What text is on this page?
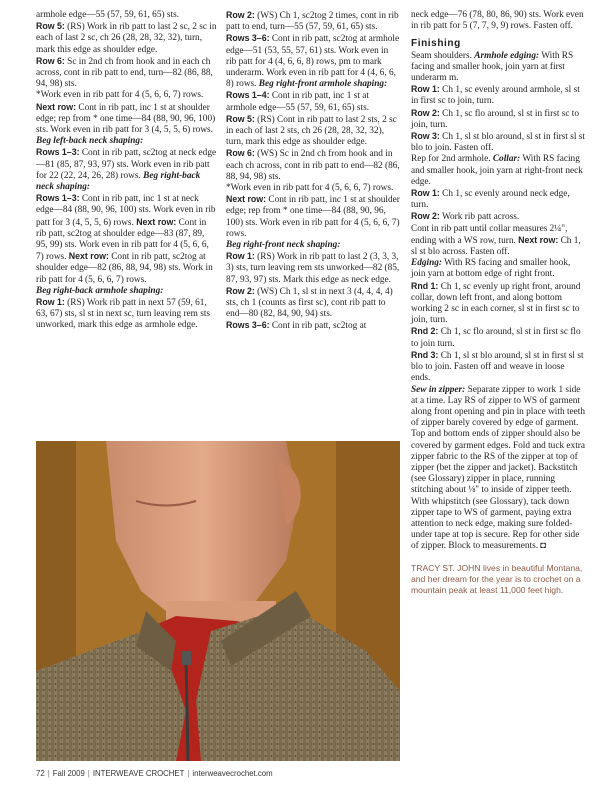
armhole edge—55 (57, 59, 61, 65) sts.

Row 5: (RS) Work in rib patt to last 2 sc, 2 sc in each of last 2 sc, ch 26 (28, 28, 32, 32), turn, mark this edge as shoulder edge.

Row 6: Sc in 2nd ch from hook and in each ch across, cont in rib patt to end, turn—82 (86, 88, 94, 98) sts.

*Work even in rib patt for 4 (5, 6, 6, 7) rows. Next row: Cont in rib patt, inc 1 st at shoulder edge; rep from * one time—84 (88, 90, 96, 100) sts. Work even in rib patt for 3 (4, 5, 5, 6) rows.

Beg left-back neck shaping:

Rows 1–3: Cont in rib patt, sc2tog at neck edge—81 (85, 87, 93, 97) sts. Work even in rib patt for 22 (22, 24, 26, 28) rows. Beg right-back neck shaping:

Rows 1–3: Cont in rib patt, inc 1 st at neck edge—84 (88, 90, 96, 100) sts. Work even in rib patt for 3 (4, 5, 5, 6) rows. Next row: Cont in rib patt, sc2tog at shoulder edge—83 (87, 89, 95, 99) sts. Work even in rib patt for 4 (5, 6, 6, 7) rows. Next row: Cont in rib patt, sc2tog at shoulder edge—82 (86, 88, 94, 98) sts. Work in rib patt for 4 (5, 6, 6, 7) rows.

Beg right-back armhole shaping:

Row 1: (RS) Work rib patt in next 57 (59, 61, 63, 67) sts, sl st in next sc, turn leaving rem sts unworked, mark this edge as armhole edge.

Row 2: (WS) Ch 1, sc2tog 2 times, cont in rib patt to end, turn—55 (57, 59, 61, 65) sts.

Rows 3–6: Cont in rib patt, sc2tog at armhole edge—51 (53, 55, 57, 61) sts. Work even in rib patt for 4 (4, 6, 6, 8) rows, pm to mark underarm. Work even in rib patt for 4 (4, 6, 6, 8) rows. Beg right-front armhole shaping:

Rows 1–4: Cont in rib patt, inc 1 st at armhole edge—55 (57, 59, 61, 65) sts.

Row 5: (RS) Cont in rib patt to last 2 sts, 2 sc in each of last 2 sts, ch 26 (28, 28, 32, 32), turn, mark this edge as shoulder edge.

Row 6: (WS) Sc in 2nd ch from hook and in each ch across, cont in rib patt to end—82 (86, 88, 94, 98) sts.

*Work even in rib patt for 4 (5, 6, 6, 7) rows. Next row: Cont in rib patt, inc 1 st at shoulder edge; rep from * one time—84 (88, 90, 96, 100) sts. Work even in rib patt for 4 (5, 6, 6, 7) rows.

Beg right-front neck shaping:

Row 1: (RS) Work in rib patt to last 2 (3, 3, 3, 3) sts, turn leaving rem sts unworked—82 (85, 87, 93, 97) sts. Mark this edge as neck edge.

Row 2: (WS) Ch 1, sl st in next 3 (4, 4, 4, 4) sts, ch 1 (counts as first sc), cont rib patt to end—80 (82, 84, 90, 94) sts.

Rows 3–6: Cont in rib patt, sc2tog at

neck edge—76 (78, 80, 86, 90) sts. Work even in rib patt for 5 (7, 7, 9, 9) rows. Fasten off.

Finishing

Seam shoulders. Armhole edging: With RS facing and smaller hook, join yarn at first underarm m.

Row 1: Ch 1, sc evenly around armhole, sl st in first sc to join, turn.

Row 2: Ch 1, sc flo around, sl st in first sc to join, turn.

Row 3: Ch 1, sl st blo around, sl st in first sl st blo to join. Fasten off.

Rep for 2nd armhole. Collar: With RS facing and smaller hook, join yarn at right-front neck edge.

Row 1: Ch 1, sc evenly around neck edge, turn.

Row 2: Work rib patt across.

Cont in rib patt until collar measures 2¼", ending with a WS row, turn. Next row: Ch 1, sl st blo across. Fasten off.

Edging: With RS facing and smaller hook, join yarn at bottom edge of right front.

Rnd 1: Ch 1, sc evenly up right front, around collar, down left front, and along bottom working 2 sc in each corner, sl st in first sc to join, turn.

Rnd 2: Ch 1, sc flo around, sl st in first sc flo to join turn.

Rnd 3: Ch 1, sl st blo around, sl st in first sl st blo to join. Fasten off and weave in loose ends.

Sew in zipper: Separate zipper to work 1 side at a time. Lay RS of zipper to WS of garment along front opening and pin in place with teeth of zipper barely covered by edge of garment. Top and bottom ends of zipper should also be covered by garment edges. Fold and tuck extra zipper fabric to the RS of the zipper at top of zipper (bet the zipper and jacket). Backstitch (see Glossary) zipper in place, running stitching about ⅛" to inside of zipper teeth. With whipstitch (see Glossary), tack down zipper tape to WS of garment, paying extra attention to neck edge, making sure folded-under tape at top is secure. Rep for other side of zipper. Block to measurements. ◘

TRACY ST. JOHN lives in beautiful Montana, and her dream for the year is to crochet on a mountain peak at least 11,000 feet high.

72 | Fall 2009 | INTERWEAVE CROCHET | interweavecrochet.com
